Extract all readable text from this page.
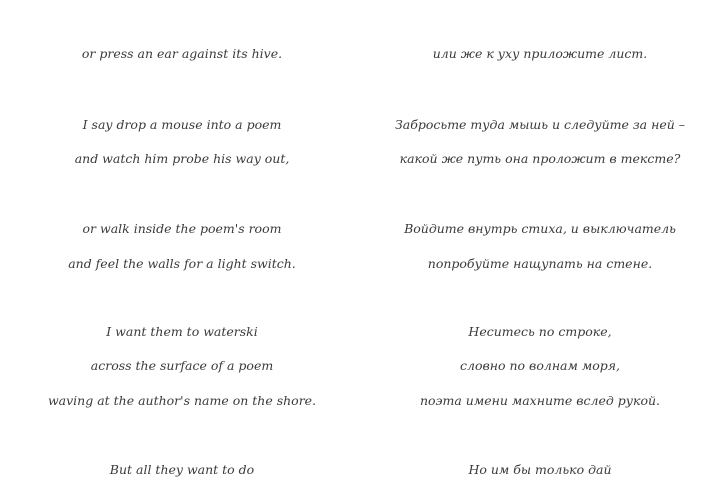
or press an ear against its hive.
I say drop a mouse into a poem
and watch him probe his way out,
or walk inside the poem's room
and feel the walls for a light switch.
I want them to waterski
across the surface of a poem
waving at the author's name on the shore.
But all they want to do
или же к уху приложите лист.
Забросьте туда мышь и следуйте за ней –
какой же путь она проложит в тексте?
Войдите внутрь стиха, и выключатель
попробуйте нащупать на стене.
Неситесь по строке,
словно по волнам моря,
поэта имени махните вслед рукой.
Но им бы только дай
